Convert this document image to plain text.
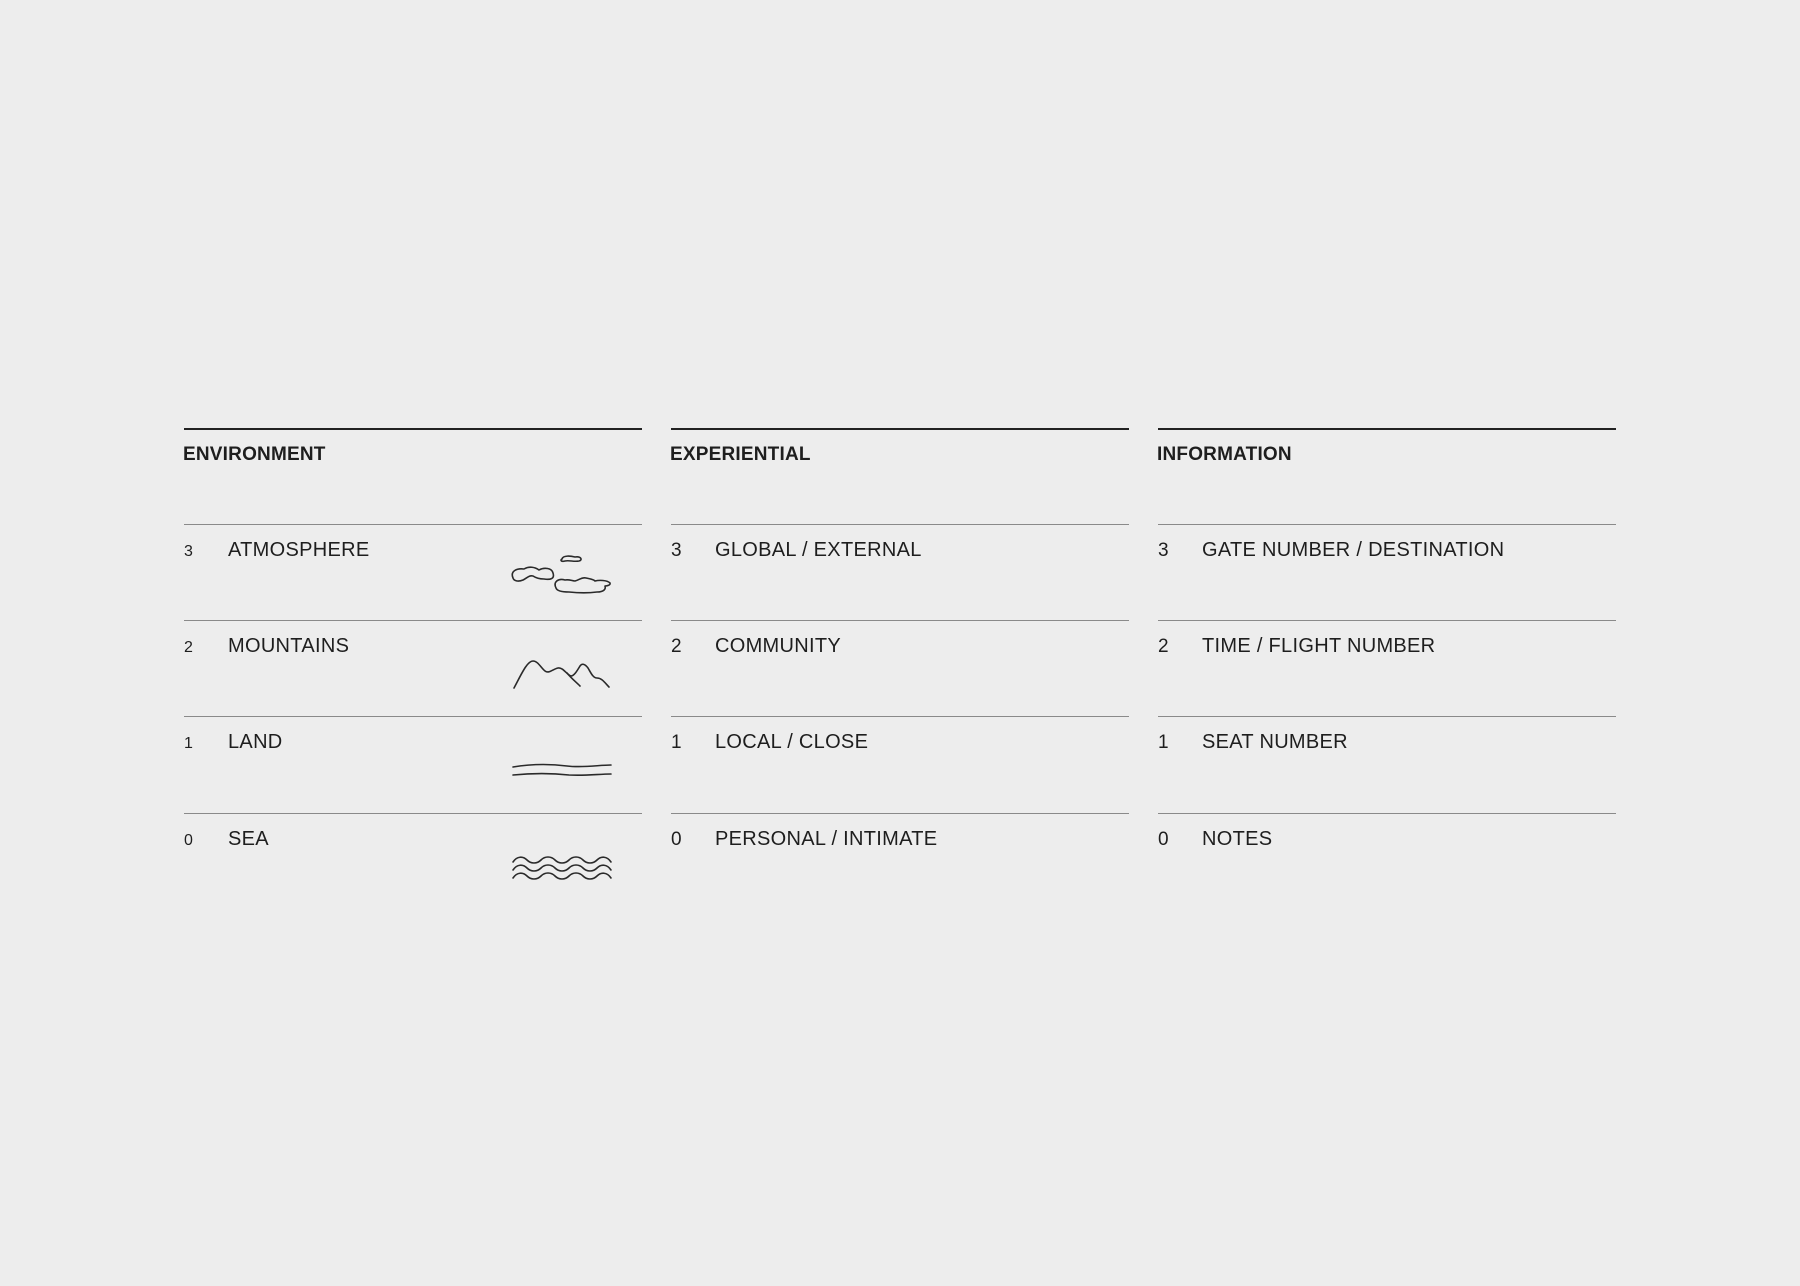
ENVIRONMENT
3 ATMOSPHERE
2 MOUNTAINS
1 LAND
0 SEA
EXPERIENTIAL
3 GLOBAL / EXTERNAL
2 COMMUNITY
1 LOCAL / CLOSE
0 PERSONAL / INTIMATE
INFORMATION
3 GATE NUMBER / DESTINATION
2 TIME / FLIGHT NUMBER
1 SEAT NUMBER
0 NOTES
